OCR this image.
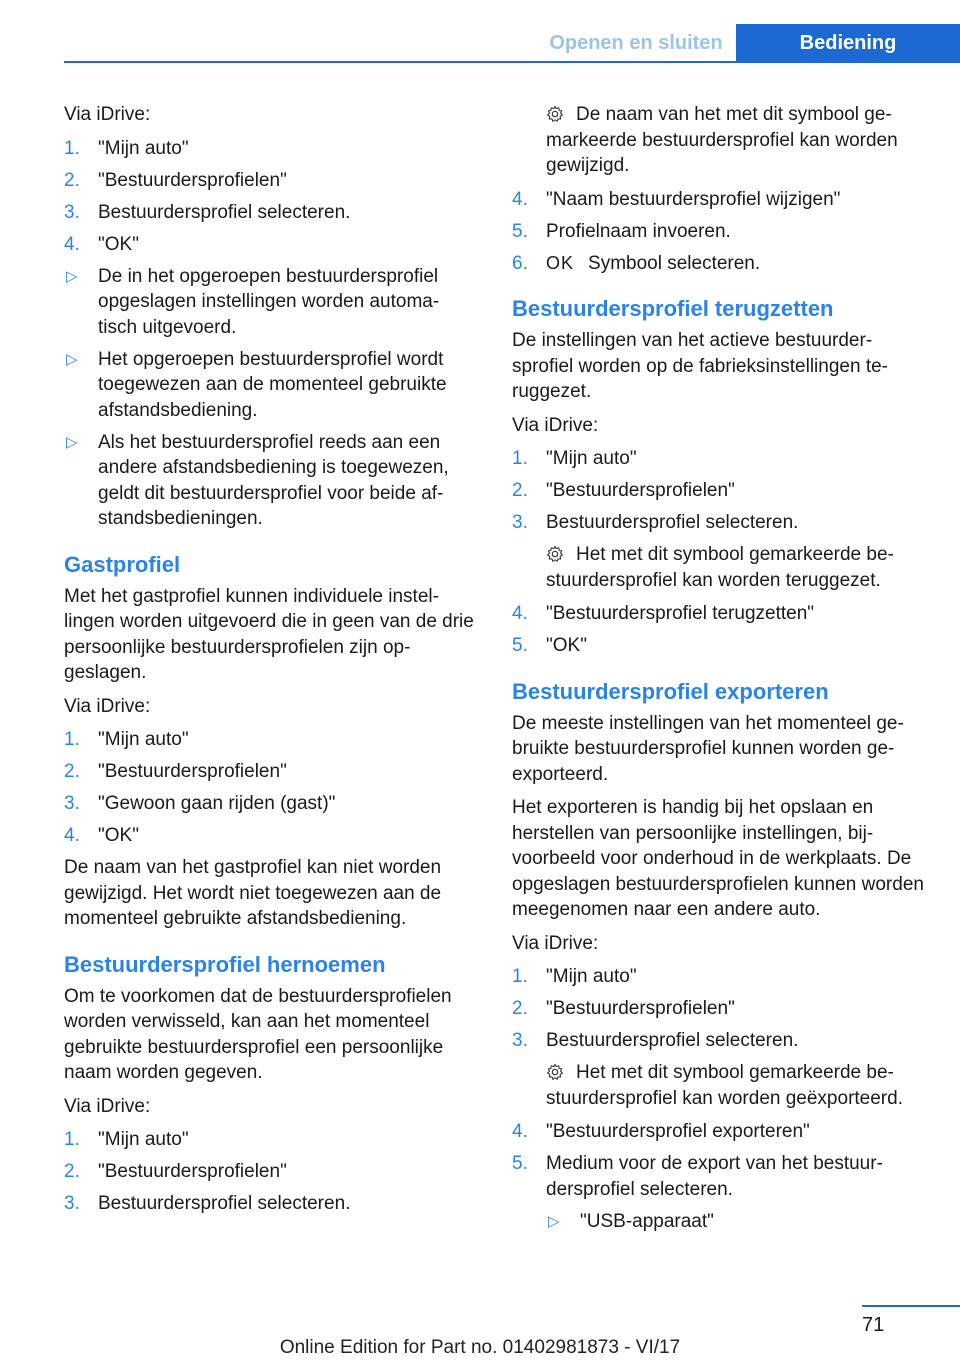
Openen en sluiten	Bediening

Via iDrive:

1. "Mijn auto"
2. "Bestuurdersprofielen"
3. Bestuurdersprofiel selecteren.
4. "OK"
▷ De in het opgeroepen bestuurdersprofiel opgeslagen instellingen worden automa-tisch uitgevoerd.
▷ Het opgeroepen bestuurdersprofiel wordt toegewezen aan de momenteel gebruikte afstandsbediening.
▷ Als het bestuurdersprofiel reeds aan een andere afstandsbediening is toegewezen, geldt dit bestuurdersprofiel voor beide af-standsbedieningen.
Gastprofiel

Met het gastprofiel kunnen individuele instel-lingen worden uitgevoerd die in geen van de drie persoonlijke bestuurdersprofielen zijn op-geslagen.

Via iDrive:

1. "Mijn auto"
2. "Bestuurdersprofielen"
3. "Gewoon gaan rijden (gast)"
4. "OK"

De naam van het gastprofiel kan niet worden gewijzigd. Het wordt niet toegewezen aan de momenteel gebruikte afstandsbediening.

Bestuurdersprofiel hernoemen

Om te voorkomen dat de bestuurdersprofielen worden verwisseld, kan aan het momenteel gebruikte bestuurdersprofiel een persoonlijke naam worden gegeven.

Via iDrive:

1. "Mijn auto"
2. "Bestuurdersprofielen"
3. Bestuurdersprofiel selecteren.
De naam van het met dit symbool ge-markeerde bestuurdersprofiel kan worden gewijzigd.
4. "Naam bestuurdersprofiel wijzigen"
5. Profielnaam invoeren.
6. OK Symbool selecteren.
Bestuurdersprofiel terugzetten

De instellingen van het actieve bestuurder-sprofiel worden op de fabrieksinstellingen te-ruggezet.

Via iDrive:

1. "Mijn auto"
2. "Bestuurdersprofielen"
3. Bestuurdersprofiel selecteren.
Het met dit symbool gemarkeerde be-stuurdersprofiel kan worden teruggezet.
4. "Bestuurdersprofiel terugzetten"
5. "OK"
Bestuurdersprofiel exporteren

De meeste instellingen van het momenteel ge-bruikte bestuurdersprofiel kunnen worden ge-exporteerd.

Het exporteren is handig bij het opslaan en herstellen van persoonlijke instellingen, bij-voorbeeld voor onderhoud in de werkplaats. De opgeslagen bestuurdersprofielen kunnen worden meegenomen naar een andere auto.

Via iDrive:

1. "Mijn auto"
2. "Bestuurdersprofielen"
3. Bestuurdersprofiel selecteren.
Het met dit symbool gemarkeerde be-stuurdersprofiel kan worden geëxporteerd.
4. "Bestuurdersprofiel exporteren"
5. Medium voor de export van het bestuur-dersprofiel selecteren.
▷ "USB-apparaat"
71
Online Edition for Part no. 01402981873 - VI/17
